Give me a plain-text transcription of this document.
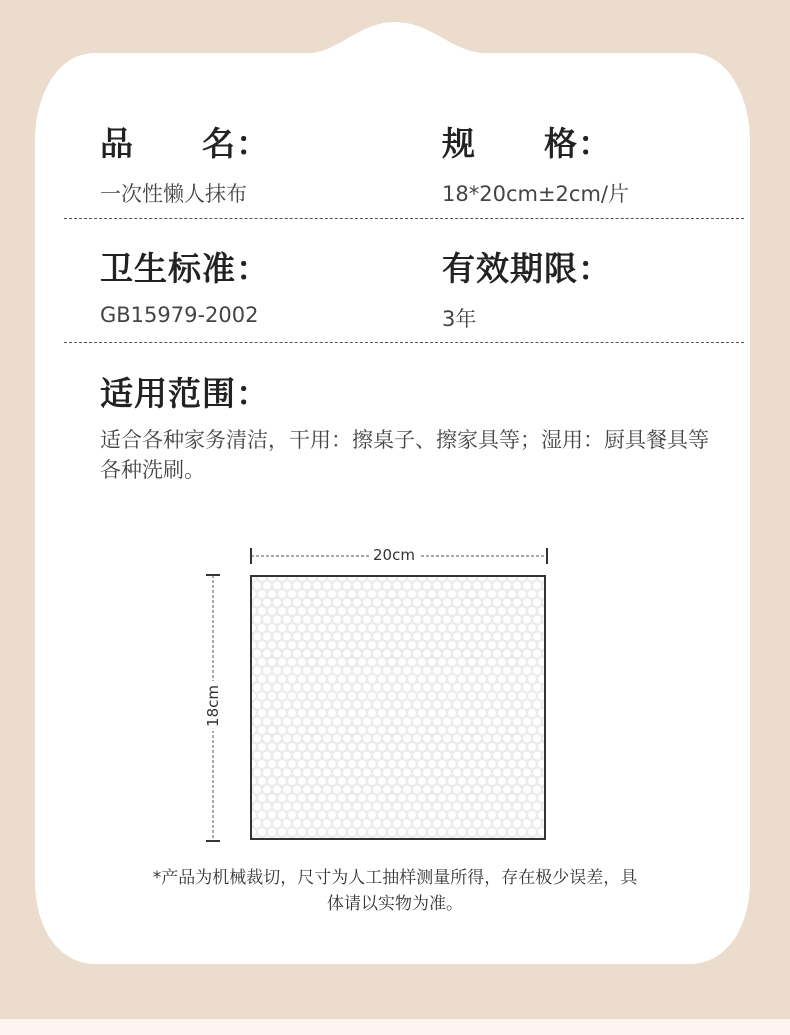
品　　名：
一次性懒人抹布
规　　格：
18*20cm±2cm/片
卫生标准：
GB15979-2002
有效期限：
3年
适用范围：
适合各种家务清洁，干用：擦桌子、擦家具等；湿用：厨具餐具等各种洗刷。
20cm
18cm
*产品为机械裁切，尺寸为人工抽样测量所得，存在极少误差，具体请以实物为准。
